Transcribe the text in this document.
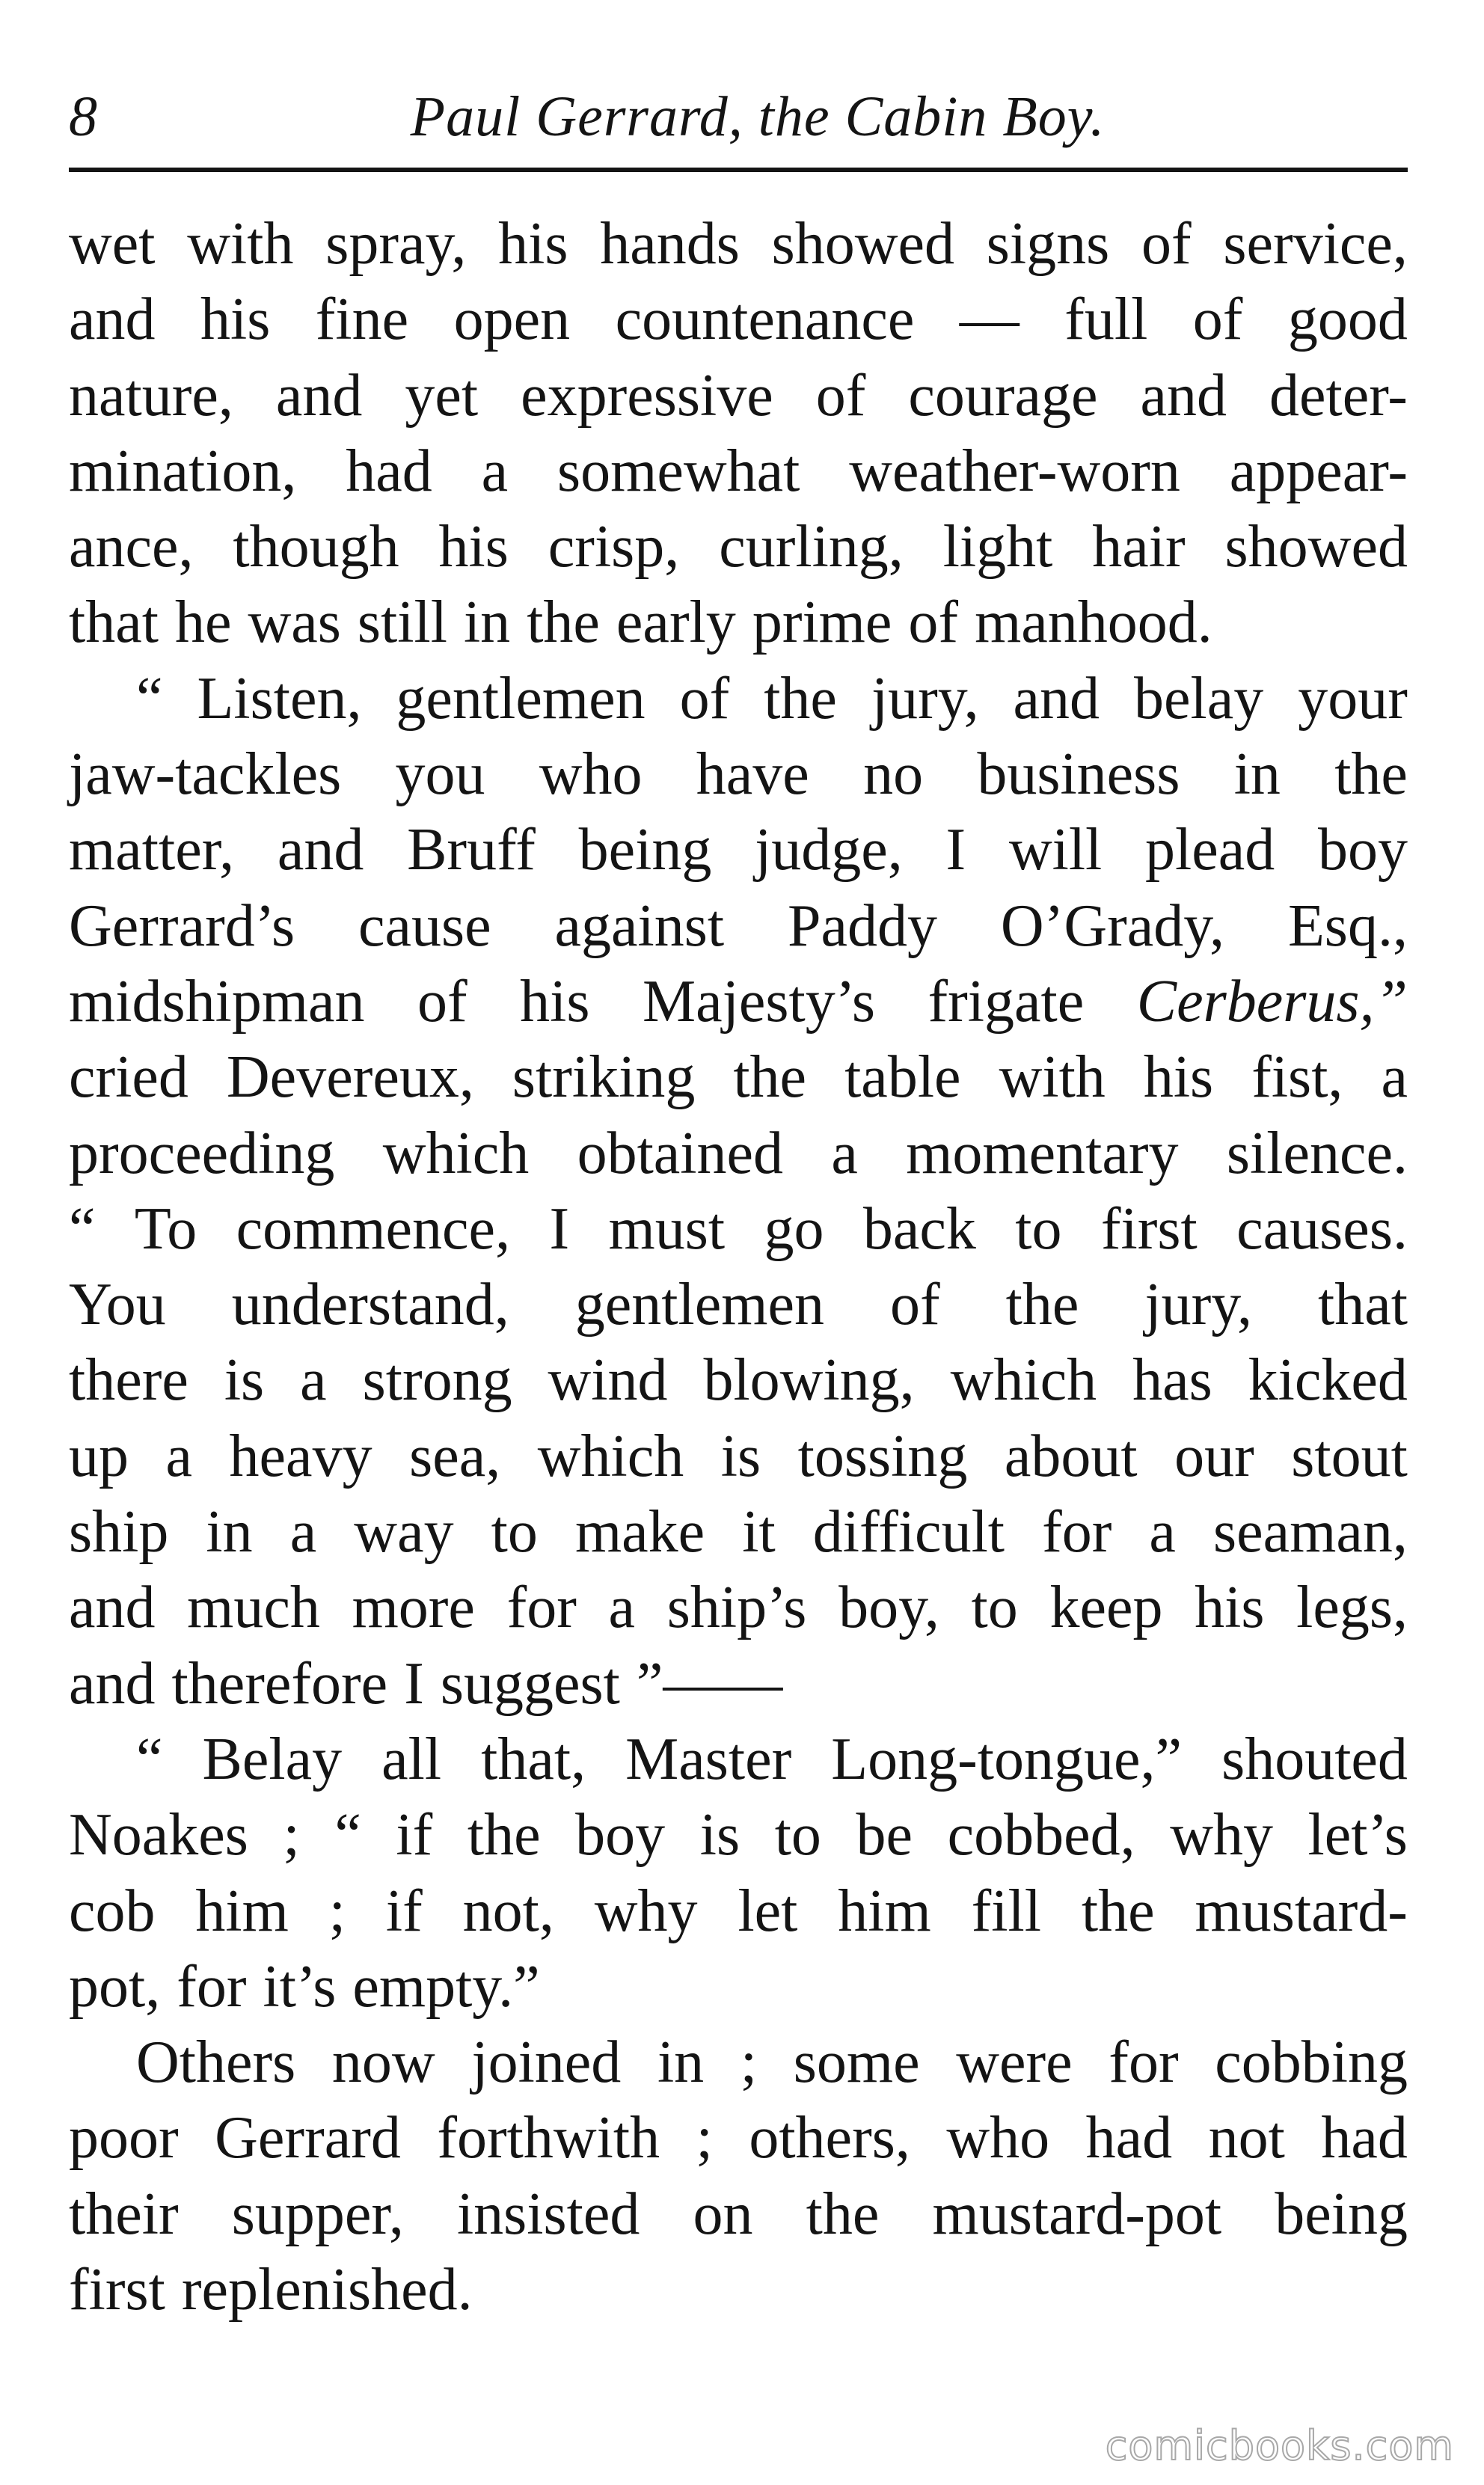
8	Paul Gerrard, the Cabin Boy.
wet with spray, his hands showed signs of service,
and his fine open countenance — full of good
nature, and yet expressive of courage and deter-
mination, had a somewhat weather-worn appear-
ance, though his crisp, curling, light hair showed
that he was still in the early prime of manhood.
“ Listen, gentlemen of the jury, and belay your
jaw-tackles you who have no business in the
matter, and Bruff being judge, I will plead boy
Gerrard’s cause against Paddy O’Grady, Esq.,
midshipman of his Majesty’s frigate Cerberus,”
cried Devereux, striking the table with his fist, a
proceeding which obtained a momentary silence.
“ To commence, I must go back to first causes.
You understand, gentlemen of the jury, that
there is a strong wind blowing, which has kicked
up a heavy sea, which is tossing about our stout
ship in a way to make it difficult for a seaman,
and much more for a ship’s boy, to keep his legs,
and therefore I suggest ”——
“ Belay all that, Master Long-tongue,” shouted
Noakes ; “ if the boy is to be cobbed, why let’s
cob him ; if not, why let him fill the mustard-
pot, for it’s empty.”
Others now joined in ; some were for cobbing
poor Gerrard forthwith ; others, who had not had
their supper, insisted on the mustard-pot being
first replenished.
comicbooks.com
